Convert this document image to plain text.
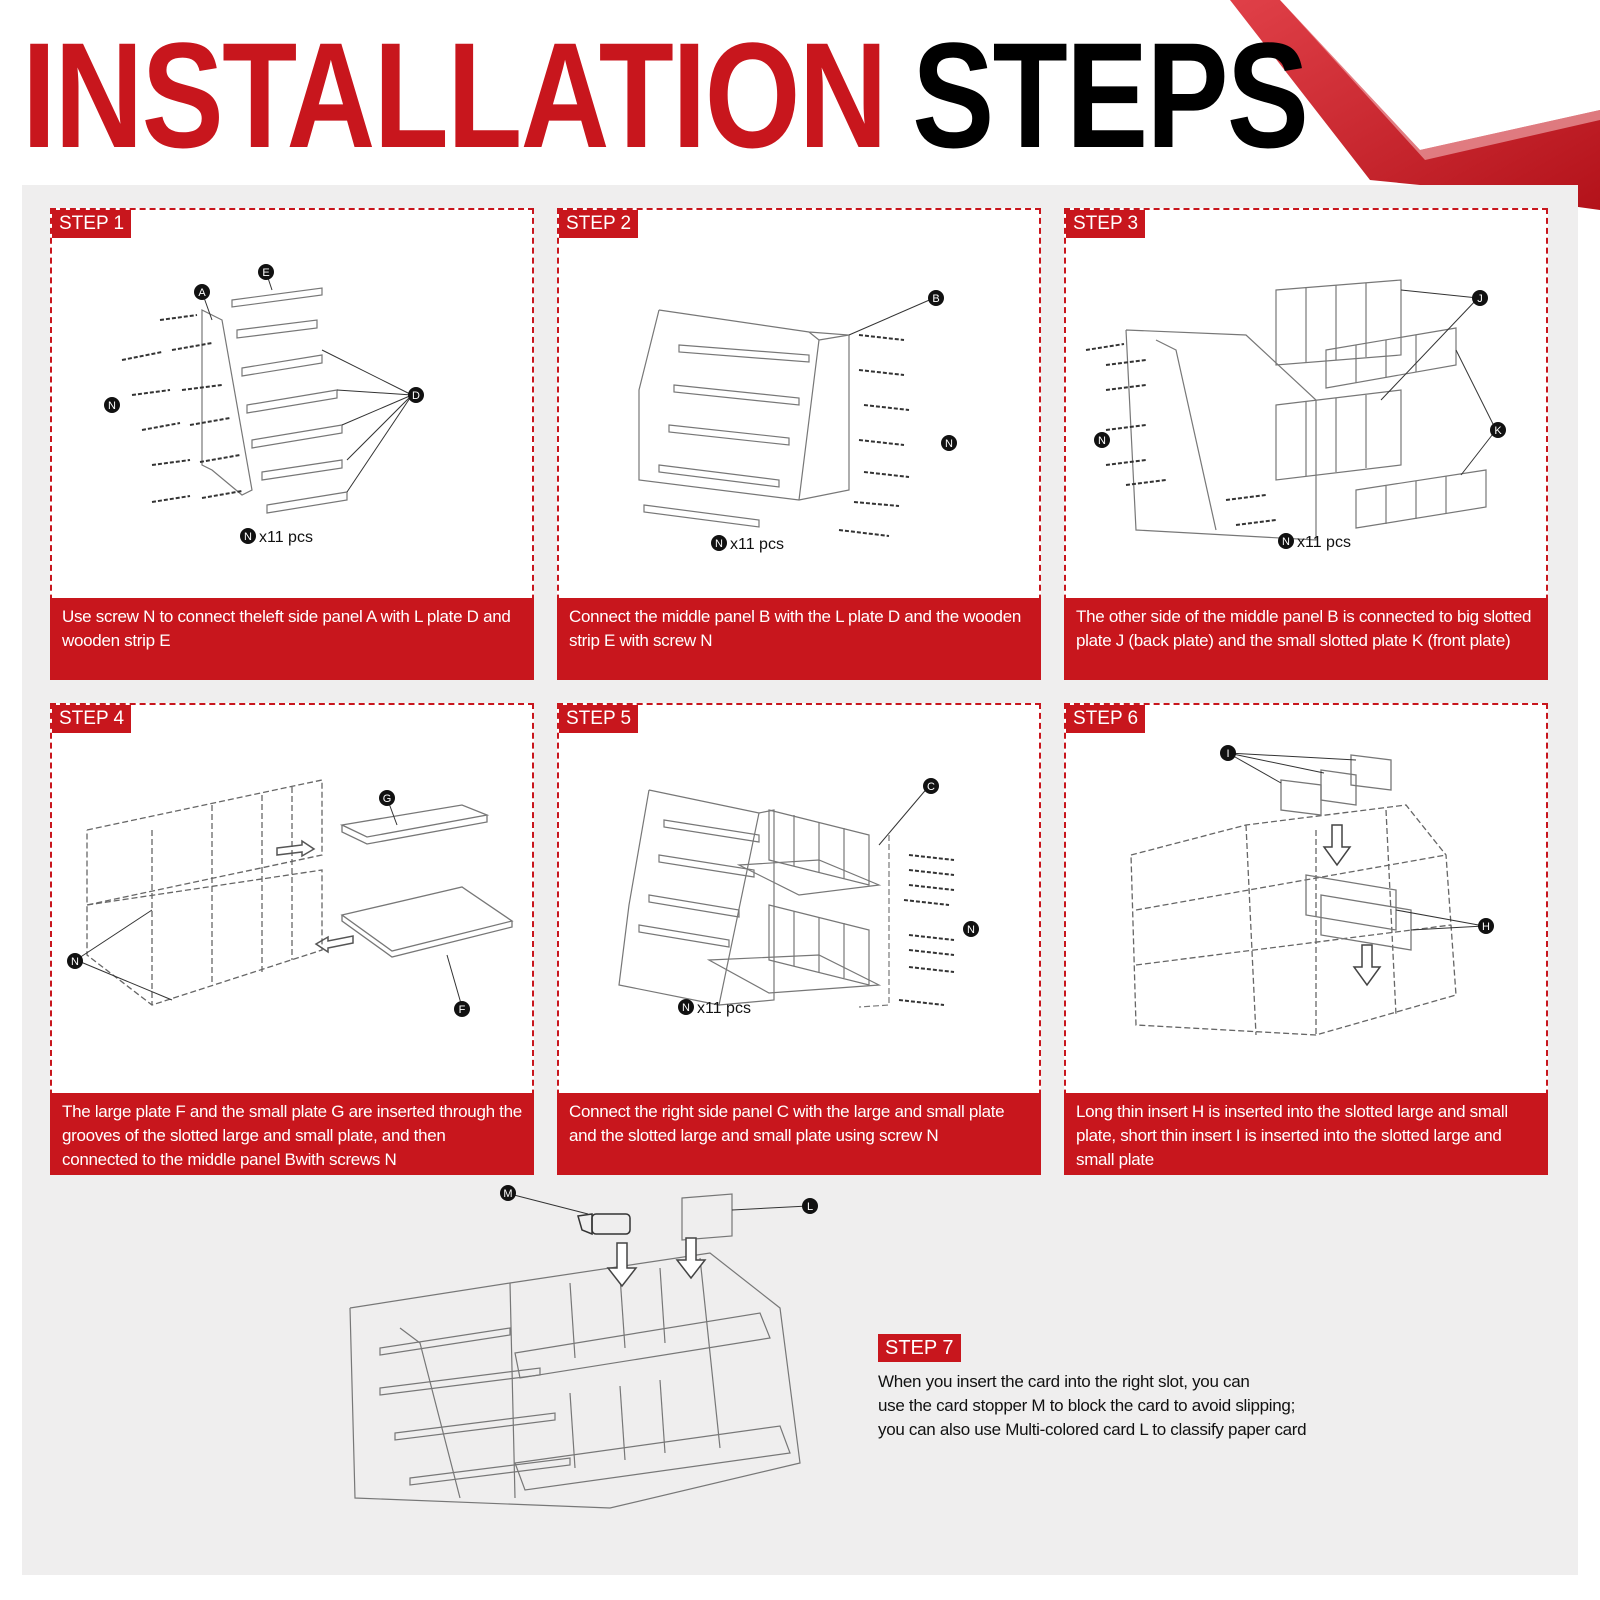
INSTALLATION STEPS
STEP 1
A
E
D
N
N x11 pcs
Use screw N to connect theleft side panel A with L plate D and wooden strip E
STEP 2
B
N
N x11 pcs
Connect the middle panel B with the L plate D and the wooden strip E with screw N
STEP 3
J
K
N
N x11 pcs
The other side of the middle panel B is connected to big slotted plate J (back plate) and the small slotted plate K (front plate)
STEP 4
G
F
N
The large plate F and the small plate G are inserted through the grooves of the slotted large and small plate, and then connected to the middle panel Bwith screws N
STEP 5
C
N
N x11 pcs
Connect the right side panel C with the large and small plate and the slotted large and small plate using screw N
STEP 6
I
H
Long thin insert H is inserted into the slotted large and small plate, short thin insert I is inserted into the slotted large and small plate
M
L
STEP 7
When you insert the card into the right slot, you can
use the card stopper M to block the card to avoid slipping;
you can also use Multi-colored card L to classify paper card
